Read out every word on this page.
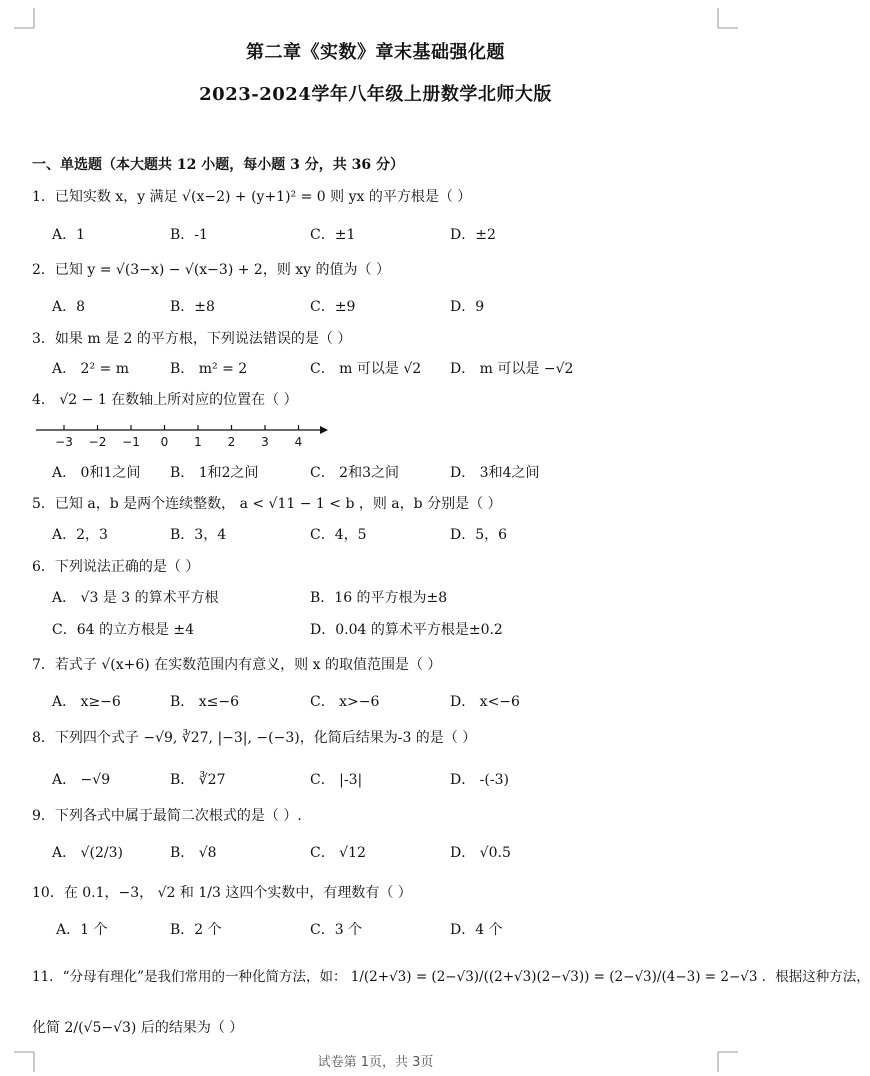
第二章《实数》章末基础强化题
2023-2024学年八年级上册数学北师大版
一、单选题（本大题共 12 小题，每小题 3 分，共 36 分）
1．已知实数 x，y 满足 √(x−2) + (y+1)² = 0 则 yx 的平方根是（ ）
A．1	B．-1	C．±1	D．±2
2．已知 y = √(3−x) − √(x−3) + 2，则 xy 的值为（ ）
A．8	B．±8	C．±9	D．9
3．如果 m 是 2 的平方根，下列说法错误的是（ ）
A． 2² = m	B． m² = 2	C． m 可以是 √2 D． m 可以是 −√2
4． √2 − 1 在数轴上所对应的位置在（ ）
−3 −2 −1 0 1 2 3 4
A． 0和1之间 B． 1和2之间	C． 2和3之间	D． 3和4之间
5．已知 a，b 是两个连续整数， a < √11 − 1 < b ，则 a，b 分别是（ ）
A．2，3	B．3，4	C．4，5	D．5，6
6．下列说法正确的是（ ）
A． √3 是 3 的算术平方根	B．16 的平方根为±8
C．64 的立方根是 ±4	D．0.04 的算术平方根是±0.2
7．若式子 √(x+6) 在实数范围内有意义，则 x 的取值范围是（ ）
A． x≥−6	B． x≤−6	C． x>−6	D． x<−6
8．下列四个式子 −√9, ∛27, |−3|, −(−3)，化简后结果为-3 的是（ ）
A． −√9	B． ∛27	C． |-3|	D． -(-3)
9．下列各式中属于最简二次根式的是（ ）.
A． √(2/3)	B． √8	C． √12	D． √0.5
10．在 0.1，−3， √2 和 1/3 这四个实数中，有理数有（ ）
A．1 个	B．2 个	C．3 个	D．4 个
11．“分母有理化”是我们常用的一种化简方法，如： 1/(2+√3) = (2−√3)/((2+√3)(2−√3)) = (2−√3)/(4−3) = 2−√3 ．根据这种方法，
化简 2/(√5−√3) 后的结果为（ ）
试卷第 1页，共 3页
